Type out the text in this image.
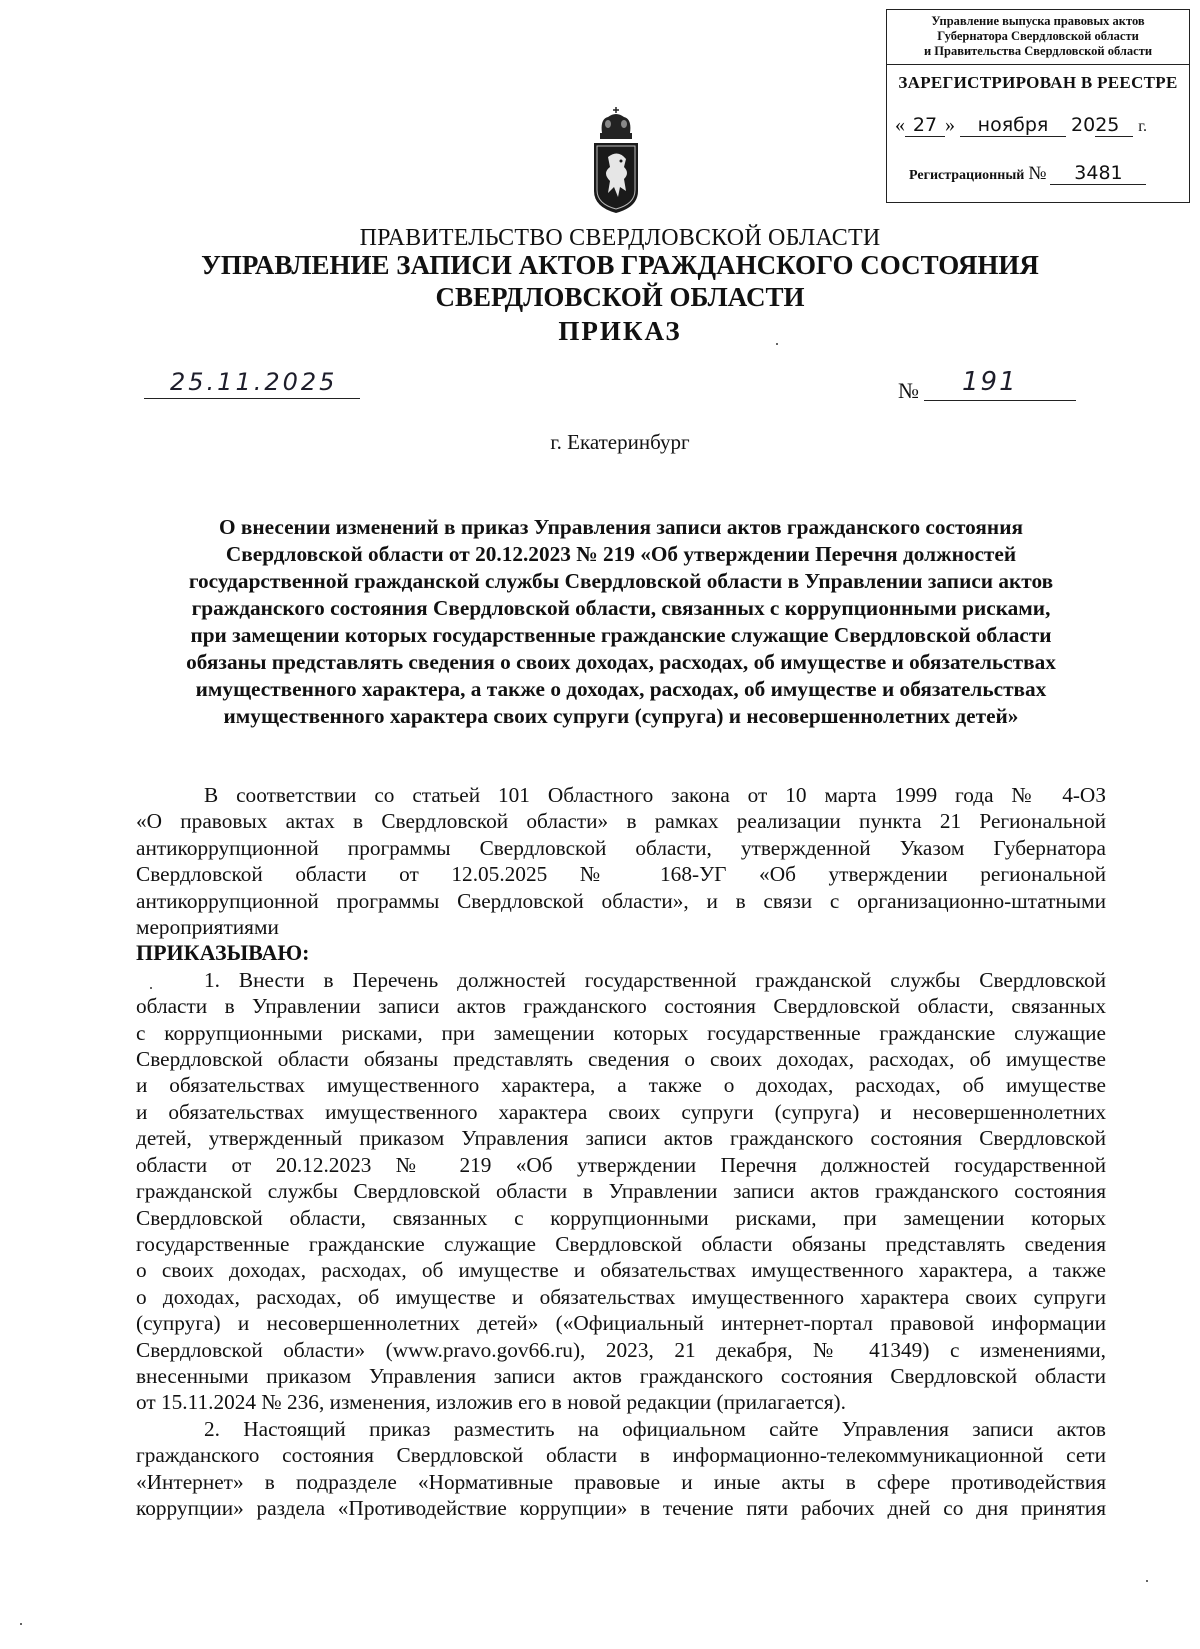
Управление выпуска правовых актов
Губернатора Свердловской области
и Правительства Свердловской области
ЗАРЕГИСТРИРОВАН В РЕЕСТРЕ
« 27 » ноября 2025 г.
Регистрационный № 3481
ПРАВИТЕЛЬСТВО СВЕРДЛОВСКОЙ ОБЛАСТИ
УПРАВЛЕНИЕ ЗАПИСИ АКТОВ ГРАЖДАНСКОГО СОСТОЯНИЯ
СВЕРДЛОВСКОЙ ОБЛАСТИ
ПРИКАЗ
25.11.2025	№ 191
г. Екатеринбург
О внесении изменений в приказ Управления записи актов гражданского состояния
Свердловской области от 20.12.2023 № 219 «Об утверждении Перечня должностей
государственной гражданской службы Свердловской области в Управлении записи актов
гражданского состояния Свердловской области, связанных с коррупционными рисками,
при замещении которых государственные гражданские служащие Свердловской области
обязаны представлять сведения о своих доходах, расходах, об имуществе и обязательствах
имущественного характера, а также о доходах, расходах, об имуществе и обязательствах
имущественного характера своих супруги (супруга) и несовершеннолетних детей»

В соответствии со статьей 101 Областного закона от 10 марта 1999 года № 4-ОЗ
«О правовых актах в Свердловской области» в рамках реализации пункта 21 Региональной
антикоррупционной программы Свердловской области, утвержденной Указом Губернатора
Свердловской области от 12.05.2025 № 168-УГ «Об утверждении региональной
антикоррупционной программы Свердловской области», и в связи с организационно-штатными
мероприятиями

ПРИКАЗЫВАЮ:

1. Внести в Перечень должностей государственной гражданской службы Свердловской
области в Управлении записи актов гражданского состояния Свердловской области, связанных
с коррупционными рисками, при замещении которых государственные гражданские служащие
Свердловской области обязаны представлять сведения о своих доходах, расходах, об имуществе
и обязательствах имущественного характера, а также о доходах, расходах, об имуществе
и обязательствах имущественного характера своих супруги (супруга) и несовершеннолетних
детей, утвержденный приказом Управления записи актов гражданского состояния Свердловской
области от 20.12.2023 № 219 «Об утверждении Перечня должностей государственной
гражданской службы Свердловской области в Управлении записи актов гражданского состояния
Свердловской области, связанных с коррупционными рисками, при замещении которых
государственные гражданские служащие Свердловской области обязаны представлять сведения
о своих доходах, расходах, об имуществе и обязательствах имущественного характера, а также
о доходах, расходах, об имуществе и обязательствах имущественного характера своих супруги
(супруга) и несовершеннолетних детей» («Официальный интернет-портал правовой информации
Свердловской области» (www.pravo.gov66.ru), 2023, 21 декабря, № 41349) с изменениями,
внесенными приказом Управления записи актов гражданского состояния Свердловской области
от 15.11.2024 № 236, изменения, изложив его в новой редакции (прилагается).

2. Настоящий приказ разместить на официальном сайте Управления записи актов
гражданского состояния Свердловской области в информационно-телекоммуникационной сети
«Интернет» в подразделе «Нормативные правовые и иные акты в сфере противодействия
коррупции» раздела «Противодействие коррупции» в течение пяти рабочих дней со дня принятия
